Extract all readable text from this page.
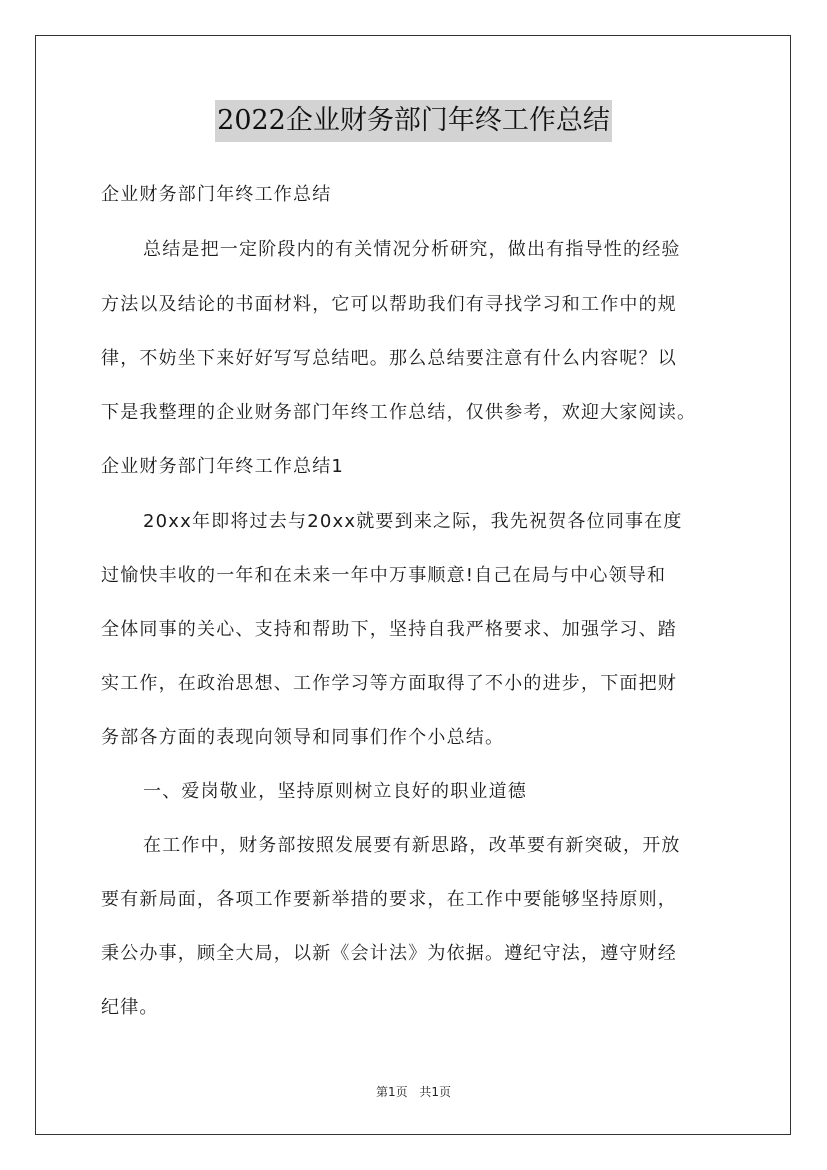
2022企业财务部门年终工作总结
企业财务部门年终工作总结
总结是把一定阶段内的有关情况分析研究，做出有指导性的经验
方法以及结论的书面材料，它可以帮助我们有寻找学习和工作中的规
律，不妨坐下来好好写写总结吧。那么总结要注意有什么内容呢？以
下是我整理的企业财务部门年终工作总结，仅供参考，欢迎大家阅读。
企业财务部门年终工作总结1
20xx年即将过去与20xx就要到来之际，我先祝贺各位同事在度
过愉快丰收的一年和在未来一年中万事顺意!自己在局与中心领导和
全体同事的关心、支持和帮助下，坚持自我严格要求、加强学习、踏
实工作，在政治思想、工作学习等方面取得了不小的进步，下面把财
务部各方面的表现向领导和同事们作个小总结。
一、爱岗敬业，坚持原则树立良好的职业道德
在工作中，财务部按照发展要有新思路，改革要有新突破，开放
要有新局面，各项工作要新举措的要求，在工作中要能够坚持原则，
秉公办事，顾全大局，以新《会计法》为依据。遵纪守法，遵守财经
纪律。
第1页 共1页
